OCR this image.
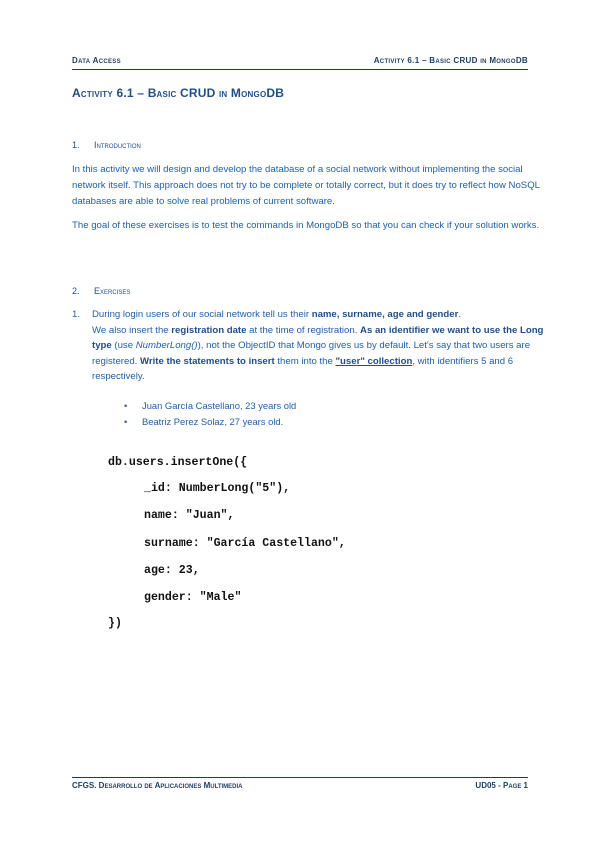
Data Access	Activity 6.1 – Basic CRUD in MongoDB
Activity 6.1 – Basic CRUD in MongoDB
1. Introduction
In this activity we will design and develop the database of a social network without implementing the social network itself. This approach does not try to be complete or totally correct, but it does try to reflect how NoSQL databases are able to solve real problems of current software.
The goal of these exercises is to test the commands in MongoDB so that you can check if your solution works.
2. Exercises
1. During login users of our social network tell us their name, surname, age and gender.
We also insert the registration date at the time of registration. As an identifier we want to use the Long type (use NumberLong()), not the ObjectID that Mongo gives us by default. Let's say that two users are registered. Write the statements to insert them into the "user" collection, with identifiers 5 and 6 respectively.
•	Juan García Castellano, 23 years old
•	Beatriz Perez Solaz, 27 years old.
db.users.insertOne({
_id: NumberLong("5"),
name: "Juan",
surname: "García Castellano",
age: 23,
gender: "Male"
})
CFGS. Desarrollo de Aplicaciones Multimedia	UD05 - Page 1
